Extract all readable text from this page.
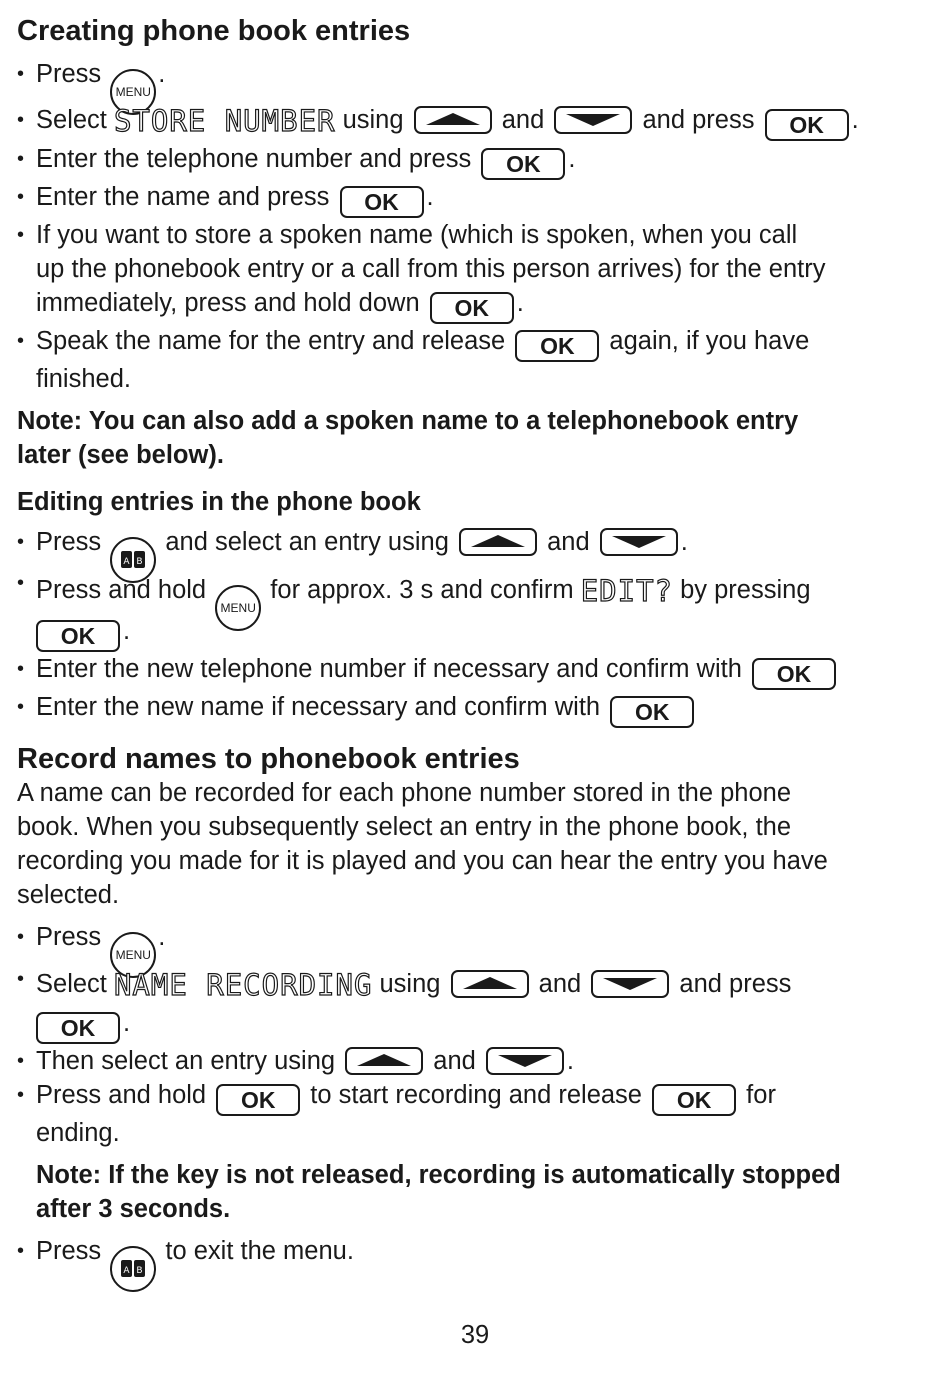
Creating phone book entries

• Press MENU.
• Select STORE NUMBER using	and	and press OK .
• Enter the telephone number and press OK .
• Enter the name and press OK .
• If you want to store a spoken name (which is spoken, when you call
up the phonebook entry or a call from this person arrives) for the entry
immediately, press and hold down OK .
• Speak the name for the entry and release OK again, if you have
finished.
Note: You can also add a spoken name to a telephonebook entry
later (see below).

Editing entries in the phone book

• Press
A B
and select an entry using	and	.
• Press and hold MENU for approx. 3 s and confirm EDIT? by pressing
OK .
• Enter the new telephone number if necessary and confirm with OK
• Enter the new name if necessary and confirm with OK

Record names to phonebook entries

A name can be recorded for each phone number stored in the phone
book. When you subsequently select an entry in the phone book, the
recording you made for it is played and you can hear the entry you have
selected.
• Press MENU.
• Select NAME RECORDING using	and	and press
OK .
• Then select an entry using	and	.
• Press and hold OK to start recording and release OK for
ending.
Note: If the key is not released, recording is automatically stopped
after 3 seconds.
• Press
A B
to exit the menu.
39
